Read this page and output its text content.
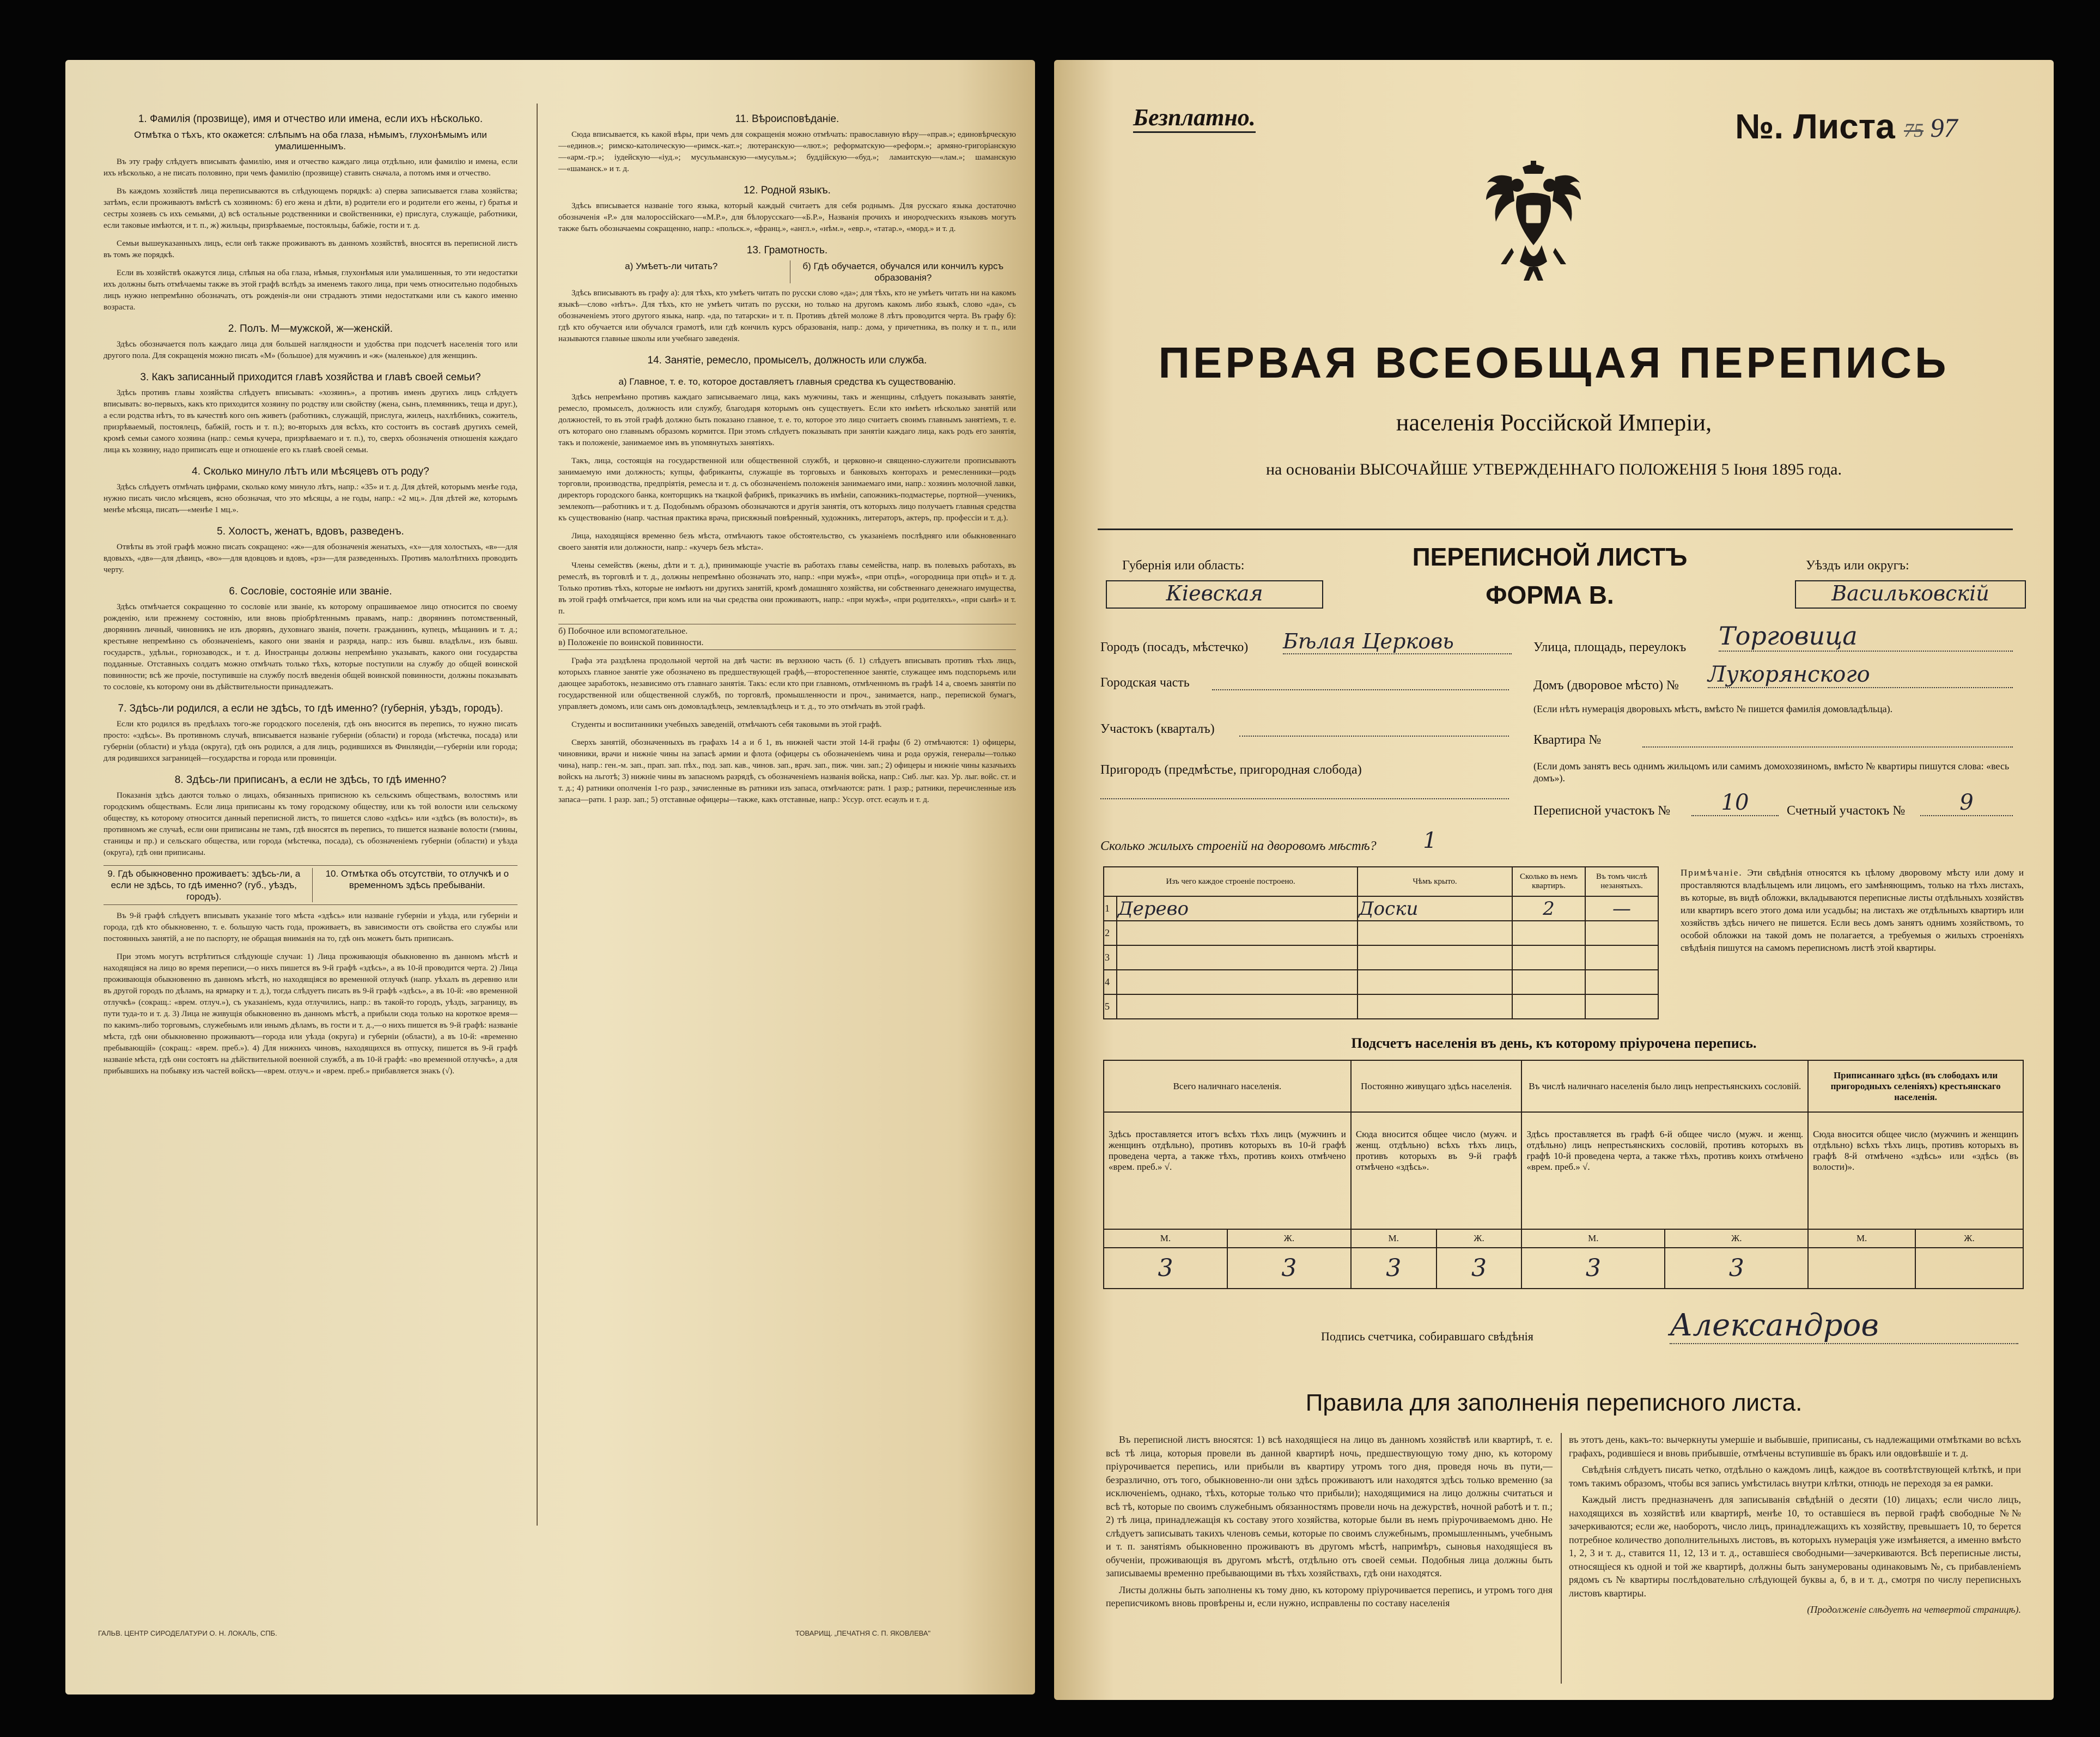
1. Фамилія (прозвище), имя и отчество или имена, если ихъ нѣсколько.
Отмѣтка о тѣхъ, кто окажется: слѣпымъ на оба глаза, нѣмымъ, глухонѣмымъ или умалишеннымъ.

Въ эту графу слѣдуетъ вписывать фамилію, имя и отчество каждаго лица отдѣльно, или фамилію и имена, если ихъ нѣсколько, а не писать половино, при чемъ фамилію (прозвище) ставить сначала, а потомъ имя и отчество.

Въ каждомъ хозяйствѣ лица переписываются въ слѣдующемъ порядкѣ: а) сперва записывается глава хозяйства; затѣмъ, если проживаютъ вмѣстѣ съ хозяиномъ: б) его жена и дѣти, в) родители его и родители его жены, г) братья и сестры хозяевъ съ ихъ семьями, д) всѣ остальные родственники и свойственники, е) прислуга, служащіе, работники, если таковые имѣются, и т. п., ж) жильцы, призрѣваемые, постояльцы, бабжіе, гости и т. д.

Семьи вышеуказанныхъ лицъ, если онѣ также проживаютъ въ данномъ хозяйствѣ, вносятся въ переписной листъ въ томъ же порядкѣ.

Если въ хозяйствѣ окажутся лица, слѣпыя на оба глаза, нѣмыя, глухонѣмыя или умалишенныя, то эти недостатки ихъ должны быть отмѣчаемы также въ этой графѣ вслѣдъ за именемъ такого лица, при чемъ относительно подобныхъ лицъ нужно непремѣнно обозначать, отъ рожденія-ли они страдаютъ этими недостатками или съ какого именно возраста.

2. Полъ. М—мужской, ж—женскій.

Здѣсь обозначается полъ каждаго лица для большей наглядности и удобства при подсчетѣ населенія того или другого пола. Для сокращенія можно писать «М» (большое) для мужчинъ и «ж» (маленькое) для женщинъ.

3. Какъ записанный приходится главѣ хозяйства и главѣ своей семьи?

Здѣсь противъ главы хозяйства слѣдуетъ вписывать: «хозяинъ», а противъ именъ другихъ лицъ слѣдуетъ вписывать: во-первыхъ, какъ кто приходится хозяину по родству или свойству (жена, сынъ, племянникъ, теща и друг.), а если родства нѣтъ, то въ качествѣ кого онъ живетъ (работникъ, служащій, прислуга, жилецъ, нахлѣбникъ, сожитель, призрѣваемый, постоялецъ, бабжій, гость и т. п.); во-вторыхъ для всѣхъ, кто состоитъ въ составѣ другихъ семей, кромѣ семьи самого хозяина (напр.: семья кучера, призрѣваемаго и т. п.), то, сверхъ обозначенія отношенія каждаго лица къ хозяину, надо приписать еще и отношеніе его къ главѣ своей семьи.

4. Сколько минуло лѣтъ или мѣсяцевъ отъ роду?

Здѣсь слѣдуетъ отмѣчать цифрами, сколько кому минуло лѣтъ, напр.: «35» и т. д. Для дѣтей, которымъ менѣе года, нужно писать число мѣсяцевъ, ясно обозначая, что это мѣсяцы, а не годы, напр.: «2 мц.». Для дѣтей же, которымъ менѣе мѣсяца, писать—«менѣе 1 мц.».

5. Холостъ, женатъ, вдовъ, разведенъ.

Отвѣты въ этой графѣ можно писать сокращено: «ж»—для обозначенія женатыхъ, «х»—для холостыхъ, «в»—для вдовыхъ, «дв»—для дѣвицъ, «во»—для вдовцовъ и вдовъ, «рз»—для разведенныхъ. Противъ малолѣтнихъ проводить черту.

6. Сословіе, состояніе или званіе.

Здѣсь отмѣчается сокращенно то сословіе или званіе, къ которому опрашиваемое лицо относится по своему рожденію, или прежнему состоянію, или вновь пріобрѣтеннымъ правамъ, напр.: дворянинъ потомственный, дворянинъ личный, чиновникъ не изъ дворянъ, духовнаго званія, почетн. гражданинъ, купецъ, мѣщанинъ и т. д.; крестьяне непремѣнно съ обозначеніемъ, какого они званія и разряда, напр.: изъ бывш. владѣльч., изъ бывш. государств., удѣльн., горнозаводск., и т. д. Иностранцы должны непремѣнно указывать, какого они государства подданные. Отставныхъ солдатъ можно отмѣчать только тѣхъ, которые поступили на службу до общей воинской повинности; всѣ же прочіе, поступившіе на службу послѣ введенія общей воинской повинности, должны показывать то сословіе, къ которому они въ дѣйствительности принадлежатъ.

7. Здѣсь-ли родился, а если не здѣсь, то гдѣ именно? (губернія, уѣздъ, городъ).

Если кто родился въ предѣлахъ того-же городского поселенія, гдѣ онъ вносится въ перепись, то нужно писать просто: «здѣсь». Въ противномъ случаѣ, вписывается названіе губерніи (области) и города (мѣстечка, посада) или губерніи (области) и уѣзда (округа), гдѣ онъ родился, а для лицъ, родившихся въ Финляндіи,—губерніи или города; для родившихся заграницей—государства и города или провинціи.

8. Здѣсь-ли приписанъ, а если не здѣсь, то гдѣ именно?

Показанія здѣсь даются только о лицахъ, обязанныхъ приписною къ сельскимъ обществамъ, волостямъ или городскимъ обществамъ. Если лица приписаны къ тому городскому обществу, или къ той волости или сельскому обществу, къ которому относится данный переписной листъ, то пишется слово «здѣсь» или «здѣсь (въ волости)», въ противномъ же случаѣ, если они приписаны не тамъ, гдѣ вносятся въ перепись, то пишется названіе волости (гмины, станицы и пр.) и сельскаго общества, или города (мѣстечка, посада), съ обозначеніемъ губерніи (области) и уѣзда (округа), гдѣ они приписаны.

9. Гдѣ обыкновенно проживаетъ: здѣсь-ли, а если не здѣсь, то гдѣ именно? (губ., уѣздъ, городъ).
10. Отмѣтка объ отсутствіи, то отлучкѣ и о временномъ здѣсь пребываніи.

Въ 9-й графѣ слѣдуетъ вписывать указаніе того мѣста «здѣсь» или названіе губерніи и уѣзда, или губерніи и города, гдѣ кто обыкновенно, т. е. большую часть года, проживаетъ, въ зависимости отъ свойства его службы или постоянныхъ занятій, а не по паспорту, не обращая вниманія на то, гдѣ онъ можетъ быть приписанъ.

При этомъ могутъ встрѣтиться слѣдующіе случаи: 1) Лица проживающія обыкновенно въ данномъ мѣстѣ и находящіяся на лицо во время переписи,—о нихъ пишется въ 9-й графѣ «здѣсь», а въ 10-й проводится черта. 2) Лица проживающія обыкновенно въ данномъ мѣстѣ, но находящіяся во временной отлучкѣ (напр. уѣхалъ въ деревню или въ другой городъ по дѣламъ, на ярмарку и т. д.), тогда слѣдуетъ писать въ 9-й графѣ «здѣсь», а въ 10-й: «во временной отлучкѣ» (сокращ.: «врем. отлуч.»), съ указаніемъ, куда отлучились, напр.: въ такой-то городъ, уѣздъ, заграницу, въ пути туда-то и т. д. 3) Лица не живущія обыкновенно въ данномъ мѣстѣ, а прибыли сюда только на короткое время—по какимъ-либо торговымъ, служебнымъ или инымъ дѣламъ, въ гости и т. д.,—о нихъ пишется въ 9-й графѣ: названіе мѣста, гдѣ они обыкновенно проживаютъ—города или уѣзда (округа) и губерніи (области), а въ 10-й: «временно пребывающій» (сокращ.: «врем. преб.»). 4) Для нижнихъ чиновъ, находящихся въ отпуску, пишется въ 9-й графѣ названіе мѣста, гдѣ они состоятъ на дѣйствительной военной службѣ, а въ 10-й графѣ: «во временной отлучкѣ», а для прибывшихъ на побывку изъ частей войскъ—«врем. отлуч.» и «врем. преб.» прибавляется знакъ (√).

11. Вѣроисповѣданіе.

Сюда вписывается, къ какой вѣры, при чемъ для сокращенія можно отмѣчать: православную вѣру—«прав.»; единовѣрческую—«единов.»; римско-католическую—«римск.-кат.»; лютеранскую—«лют.»; реформатскую—«реформ.»; армяно-григоріанскую—«арм.-гр.»; іудейскую—«іуд.»; мусульманскую—«мусульм.»; буддійскую—«буд.»; ламаитскую—«лам.»; шаманскую—«шаманск.» и т. д.

12. Родной языкъ.

Здѣсь вписывается названіе того языка, который каждый считаетъ для себя роднымъ. Для русскаго языка достаточно обозначенія «Р.» для малороссійскаго—«М.Р.», для бѣлорусскаго—«Б.Р.», Названія прочихъ и инородческихъ языковъ могутъ также быть обозначаемы сокращенно, напр.: «польск.», «франц.», «англ.», «нѣм.», «евр.», «татар.», «морд.» и т. д.

13. Грамотность.
а) Умѣетъ-ли читать?	б) Гдѣ обучается, обучался или кончилъ курсъ образованія?

Здѣсь вписываютъ въ графу а): для тѣхъ, кто умѣетъ читать по русски слово «да»; для тѣхъ, кто не умѣетъ читать ни на какомъ языкѣ—слово «нѣтъ». Для тѣхъ, кто не умѣетъ читать по русски, но только на другомъ какомъ либо языкѣ, слово «да», съ обозначеніемъ этого другого языка, напр. «да, по татарски» и т. п. Противъ дѣтей моложе 8 лѣтъ проводится черта. Въ графу б): гдѣ кто обучается или обучался грамотѣ, или гдѣ кончилъ курсъ образованія, напр.: дома, у причетника, въ полку и т. п., или называются главные школы или учебнаго заведенія.

14. Занятіе, ремесло, промыселъ, должность или служба.
а) Главное, т. е. то, которое доставляетъ главныя средства къ существованію.

Здѣсь непремѣнно противъ каждаго записываемаго лица, какъ мужчины, такъ и женщины, слѣдуетъ показывать занятіе, ремесло, промыселъ, должность или службу, благодаря которымъ онъ существуетъ. Если кто имѣетъ нѣсколько занятій или должностей, то въ этой графѣ должно быть показано главное, т. е. то, которое это лицо считаетъ своимъ главнымъ занятіемъ, т. е. отъ котораго оно главнымъ образомъ кормится. При этомъ слѣдуетъ показывать при занятіи каждаго лица, какъ родъ его занятія, такъ и положеніе, занимаемое имъ въ упомянутыхъ занятіяхъ.

Такъ, лица, состоящія на государственной или общественной службѣ, и церковно-и священно-служители прописываютъ занимаемую ими должность; купцы, фабриканты, служащіе въ торговыхъ и банковыхъ конторахъ и ремесленники—родъ торговли, производства, предпріятія, ремесла и т. д. съ обозначеніемъ положенія занимаемаго ими, напр.: хозяинъ молочной лавки, директоръ городского банка, конторщикъ на ткацкой фабрикѣ, приказчикъ въ имѣніи, сапожникъ-подмастерье, портной—ученикъ, землекопъ—работникъ и т. д. Подобнымъ образомъ обозначаются и другія занятія, отъ которыхъ лицо получаетъ главныя средства къ существованію (напр. частная практика врача, присяжный повѣренный, художникъ, литераторъ, актеръ, пр. профессіи и т. д.).

Лица, находящіяся временно безъ мѣста, отмѣчаютъ такое обстоятельство, съ указаніемъ послѣдняго или обыкновеннаго своего занятія или должности, напр.: «кучеръ безъ мѣста».

Члены семействъ (жены, дѣти и т. д.), принимающіе участіе въ работахъ главы семейства, напр. въ полевыхъ работахъ, въ ремеслѣ, въ торговлѣ и т. д., должны непремѣнно обозначать это, напр.: «при мужѣ», «при отцѣ», «огородница при отцѣ» и т. д. Только противъ тѣхъ, которые не имѣютъ ни другихъ занятій, кромѣ домашняго хозяйства, ни собственнаго денежнаго имущества, въ этой графѣ отмѣчается, при комъ или на чьи средства они проживаютъ, напр.: «при мужѣ», «при родителяхъ», «при сынѣ» и т. п.

б) Побочное или вспомогательное.
в) Положеніе по воинской повинности.

Графа эта раздѣлена продольной чертой на двѣ части: въ верхнюю часть (б. 1) слѣдуетъ вписывать противъ тѣхъ лицъ, которыхъ главное занятіе уже обозначено въ предшествующей графѣ,—второстепенное занятіе, служащее имъ подспорьемъ или дающее заработокъ, независимо отъ главнаго занятія. Такъ: если кто при главномъ, отмѣченномъ въ графѣ 14 а, своемъ занятіи по государственной или общественной службѣ, по торговлѣ, промышленности и проч., занимается, напр., перепиской бумагъ, управляетъ домомъ, или самъ онъ домовладѣлецъ, землевладѣлецъ и т. д., то это отмѣчать въ этой графѣ.

Студенты и воспитанники учебныхъ заведеній, отмѣчаютъ себя таковыми въ этой графѣ.

Сверхъ занятій, обозначенныхъ въ графахъ 14 а и б 1, въ нижней части этой 14-й графы (б 2) отмѣчаются: 1) офицеры, чиновники, врачи и нижніе чины на запасѣ армии и флота (офицеры съ обозначеніемъ чина и рода оружія, генералы—только чина), напр.: ген.-м. зап., прап. зап. пѣх., под. зап. кав., чинов. зап., врач. зап., пиж. чин. зап.; 2) офицеры и нижніе чины казачьихъ войскъ на льготѣ; 3) нижніе чины въ запасномъ разрядѣ, съ обозначеніемъ названія войска, напр.: Сиб. лыг. каз. Ур. лыг. войс. ст. и т. д.; 4) ратники ополченія 1-го разр., зачисленные въ ратники изъ запаса, отмѣчаются: ратн. 1 разр.; ратники, перечисленные изъ запаса—ратн. 1 разр. зап.; 5) отставные офицеры—также, какъ отставные, напр.: Уссур. отст. есаулъ и т. д.

ГАЛЬВ. ЦЕНТР СИРОДЕЛАТУРИ О. Н. ЛОКАЛЬ, СПБ.	ТОВАРИЩ. „ПЕЧАТНЯ С. П. ЯКОВЛЕВА"
Безплатно.	№. Листа 75 97
ПЕРВАЯ ВСЕОБЩАЯ ПЕРЕПИСЬ
населенія Россійской Имперіи,
на основаніи ВЫСОЧАЙШЕ УТВЕРЖДЕННАГО ПОЛОЖЕНІЯ 5 Іюня 1895 года.
Губернія или область:
Кіевская
ПЕРЕПИСНОЙ ЛИСТЪ
ФОРМА В.
Уѣздъ или округъ:
Васильковскій
Городъ (посадъ, мѣстечко) Бѣлая Церковь
Городская часть
Участокъ (кварталъ)
Пригородъ (предмѣстье, пригородная слобода)
Улица, площадь, переулокъ Торговица
Домъ (дворовое мѣсто) № Лукорянского
(Если нѣтъ нумерація дворовыхъ мѣстъ, вмѣсто № пишется фамилія домовладѣльца).
Квартира №
(Если домъ занятъ весь однимъ жильцомъ или самимъ домохозяиномъ, вмѣсто № квартиры пишутся слова: «весь домъ»).
Переписной участокъ №	10	Счетный участокъ №	9
Сколько жилыхъ строеній на дворовомъ мѣстѣ?	1
Изъ чего каждое строеніе построено.		Чѣмъ крыто.	Сколько въ немъ квартиръ.	Въ томъ числѣ незанятыхъ.
1	Дерево	Доски	2	—
2				
3				
4				
5				
Примѣчаніе. Эти свѣдѣнія относятся къ цѣлому дворовому мѣсту или дому и проставляются владѣльцемъ или лицомъ, его замѣняющимъ, только на тѣхъ листахъ, въ которые, въ видѣ обложки, вкладываются переписные листы отдѣльныхъ хозяйствъ или квартиръ всего этого дома или усадьбы; на листахъ же отдѣльныхъ квартиръ или хозяйствъ здѣсь ничего не пишется. Если весь домъ занятъ однимъ хозяйствомъ, то особой обложки на такой домъ не полагается, а требуемыя о жилыхъ строеніяхъ свѣдѣнія пишутся на самомъ переписномъ листѣ этой квартиры.
Подсчетъ населенія въ день, къ которому пріурочена перепись.
Всего наличнаго населенія.		Постоянно живущаго здѣсь населенія.		Въ числѣ наличнаго населенія было лицъ непрестьянскихъ сословій.		Приписаннаго здѣсь (въ слободахъ или пригородныхъ селеніяхъ) крестьянскаго населенія.	
Здѣсь проставляется итогъ всѣхъ тѣхъ лицъ (мужчинъ и женщинъ отдѣльно), противъ которыхъ въ 10-й графѣ проведена черта, а также тѣхъ, противъ коихъ отмѣчено «врем. преб.» √.		Сюда вносится общее число (мужч. и женщ. отдѣльно) всѣхъ тѣхъ лицъ, противъ которыхъ въ 9-й графѣ отмѣчено «здѣсь».		Здѣсь проставляется въ графѣ 6-й общее число (мужч. и женщ. отдѣльно) лицъ непрестьянскихъ сословій, противъ которыхъ въ графѣ 10-й проведена черта, а также тѣхъ, противъ коихъ отмѣчено «врем. преб.» √.		Сюда вносится общее число (мужчинъ и женщинъ отдѣльно) всѣхъ тѣхъ лицъ, противъ которыхъ въ графѣ 8-й отмѣчено «здѣсь» или «здѣсь (въ волости)».	
М.	Ж.	М.	Ж.	М.	Ж.	М.	Ж.
3	3	3	3	3	3		
Подпись счетчика, собиравшаго свѣдѣнія	Александров
Правила для заполненія переписного листа.

Въ переписной листъ вносятся: 1) всѣ находящіеся на лицо въ данномъ хозяйствѣ или квартирѣ, т. е. всѣ тѣ лица, которыя провели въ данной квартирѣ ночь, предшествующую тому дню, къ которому пріурочивается перепись, или прибыли въ квартиру утромъ того дня, проведя ночь въ пути,—безразлично, отъ того, обыкновенно-ли они здѣсь проживаютъ или находятся здѣсь только временно (за исключеніемъ, однако, тѣхъ, которые только что прибыли); находящимися на лицо должны считаться и всѣ тѣ, которые по своимъ служебнымъ обязанностямъ провели ночь на дежурствѣ, ночной работѣ и т. п.; 2) тѣ лица, принадлежащія къ составу этого хозяйства, которые были въ немъ пріурочиваемомъ дню. Не слѣдуетъ записывать такихъ членовъ семьи, которые по своимъ служебнымъ, промышленнымъ, учебнымъ и т. п. занятіямъ обыкновенно проживаютъ въ другомъ мѣстѣ, напримѣръ, сыновья находящіеся въ обученіи, проживающія въ другомъ мѣстѣ, отдѣльно отъ своей семьи. Подобныя лица должны быть записываемы временно пребывающими въ тѣхъ хозяйствахъ, гдѣ они находятся.

Листы должны быть заполнены къ тому дню, къ которому пріурочивается перепись, и утромъ того дня переписчикомъ вновь провѣрены и, если нужно, исправлены по составу населенія

въ этотъ день, какъ-то: вычеркнуты умершіе и выбывшіе, приписаны, съ надлежащими отмѣтками во всѣхъ графахъ, родившіеся и вновь прибывшіе, отмѣчены вступившіе въ бракъ или овдовѣвшіе и т. д.

Свѣдѣнія слѣдуетъ писать четко, отдѣльно о каждомъ лицѣ, каждое въ соотвѣтствующей клѣткѣ, и при томъ такимъ образомъ, чтобы вся запись умѣстилась внутри клѣтки, отнюдь не переходя за ея рамки.

Каждый листъ предназначенъ для записыванія свѣдѣній о десяти (10) лицахъ; если число лицъ, находящихся въ хозяйствѣ или квартирѣ, менѣе 10, то оставшіеся въ первой графѣ свободные №№ зачеркиваются; если же, наоборотъ, число лицъ, принадлежащихъ къ хозяйству, превышаетъ 10, то берется потребное количество дополнительныхъ листовъ, въ которыхъ нумерація уже измѣняется, а именно вмѣсто 1, 2, 3 и т. д., ставится 11, 12, 13 и т. д., оставшіеся свободными—зачеркиваются. Всѣ переписные листы, относящіеся къ одной и той же квартирѣ, должны быть занумерованы одинаковымъ №, съ прибавленіемъ рядомъ съ № квартиры послѣдовательно слѣдующей буквы а, б, в и т. д., смотря по числу переписныхъ листовъ квартиры.

(Продолженіе слѣдуетъ на четвертой страницѣ).
